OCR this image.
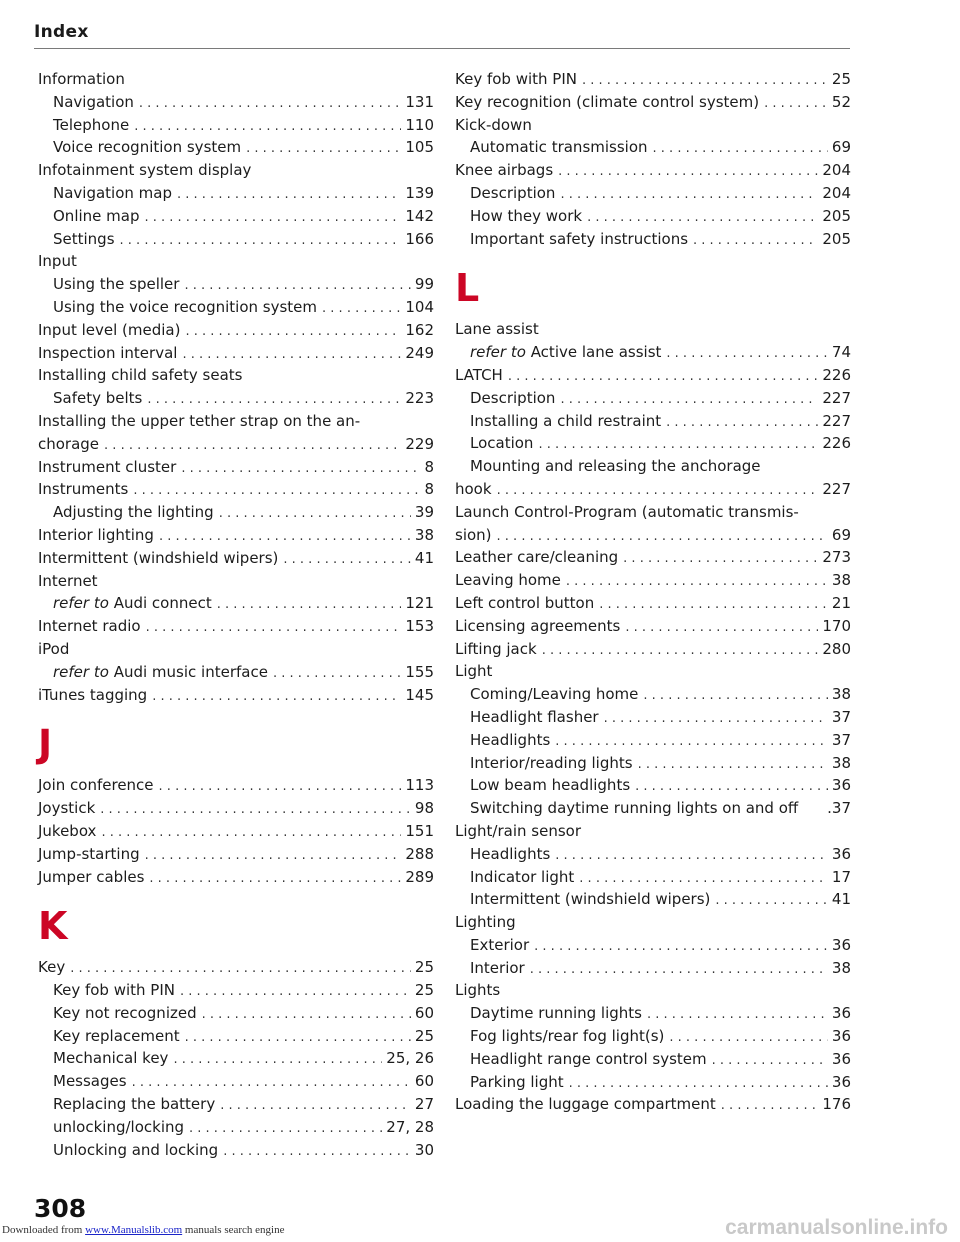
Index
Information
Navigation . . .	131
Telephone . . .	110
Voice recognition system . . .	105
Infotainment system display
Navigation map . . .	139
Online map . . .	142
Settings . . .	166
Input
Using the speller . . .	99
Using the voice recognition system . . .	104
Input level (media) . . .	162
Inspection interval . . .	249
Installing child safety seats
Safety belts . . .	223
Installing the upper tether strap on the an-
chorage . . .	229
Instrument cluster . . .	8
Instruments . . .	8
Adjusting the lighting . . .	39
Interior lighting . . .	38
Intermittent (windshield wipers) . . .	41
Internet
refer to Audi connect . . .	121
Internet radio . . .	153
iPod
refer to Audi music interface . . .	155
iTunes tagging . . .	145
J
Join conference . . .	113
Joystick . . .	98
Jukebox . . .	151
Jump-starting . . .	288
Jumper cables . . .	289
K
Key . . .	25
Key fob with PIN . . .	25
Key not recognized . . .	60
Key replacement . . .	25
Mechanical key . . .	25, 26
Messages . . .	60
Replacing the battery . . .	27
unlocking/locking . . .	27, 28
Unlocking and locking . . .	30
Key fob with PIN . . .	25
Key recognition (climate control system) . . .	52
Kick-down
Automatic transmission . . .	69
Knee airbags . . .	204
Description . . .	204
How they work . . .	205
Important safety instructions . . .	205
L
Lane assist
refer to Active lane assist . . .	74
LATCH . . .	226
Description . . .	227
Installing a child restraint . . .	227
Location . . .	226
Mounting and releasing the anchorage
hook . . .	227
Launch Control-Program (automatic transmis-
sion) . . .	69
Leather care/cleaning . . .	273
Leaving home . . .	38
Left control button . . .	21
Licensing agreements . . .	170
Lifting jack . . .	280
Light
Coming/Leaving home . . .	38
Headlight flasher . . .	37
Headlights . . .	37
Interior/reading lights . . .	38
Low beam headlights . . .	36
Switching daytime running lights on and off .37
Light/rain sensor
Headlights . . .	36
Indicator light . . .	17
Intermittent (windshield wipers) . . .	41
Lighting
Exterior . . .	36
Interior . . .	38
Lights
Daytime running lights . . .	36
Fog lights/rear fog light(s) . . .	36
Headlight range control system . . .	36
Parking light . . .	36
Loading the luggage compartment . . .	176
308
Downloaded from www.Manualslib.com manuals search engine	carmanualsonline.info
